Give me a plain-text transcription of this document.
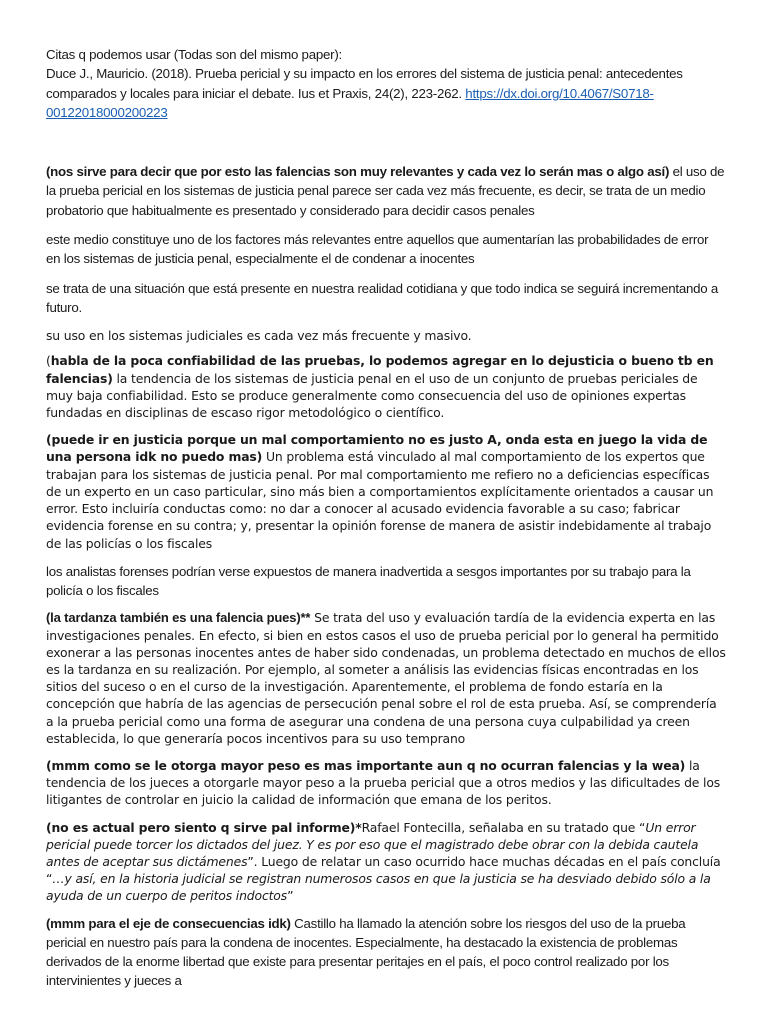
Citas q podemos usar (Todas son del mismo paper):
Duce J., Mauricio. (2018). Prueba pericial y su impacto en los errores del sistema de justicia penal: antecedentes comparados y locales para iniciar el debate. Ius et Praxis, 24(2), 223-262. https://dx.doi.org/10.4067/S0718-00122018000200223

(nos sirve para decir que por esto las falencias son muy relevantes y cada vez lo serán mas o algo así) el uso de la prueba pericial en los sistemas de justicia penal parece ser cada vez más frecuente, es decir, se trata de un medio probatorio que habitualmente es presentado y considerado para decidir casos penales

este medio constituye uno de los factores más relevantes entre aquellos que aumentarían las probabilidades de error en los sistemas de justicia penal, especialmente el de condenar a inocentes

se trata de una situación que está presente en nuestra realidad cotidiana y que todo indica se seguirá incrementando a futuro.

su uso en los sistemas judiciales es cada vez más frecuente y masivo.

(habla de la poca confiabilidad de las pruebas, lo podemos agregar en lo dejusticia o bueno tb en falencias) la tendencia de los sistemas de justicia penal en el uso de un conjunto de pruebas periciales de muy baja confiabilidad. Esto se produce generalmente como consecuencia del uso de opiniones expertas fundadas en disciplinas de escaso rigor metodológico o científico.

(puede ir en justicia porque un mal comportamiento no es justo A, onda esta en juego la vida de una persona idk no puedo mas) Un problema está vinculado al mal comportamiento de los expertos que trabajan para los sistemas de justicia penal. Por mal comportamiento me refiero no a deficiencias específicas de un experto en un caso particular, sino más bien a comportamientos explícitamente orientados a causar un error. Esto incluiría conductas como: no dar a conocer al acusado evidencia favorable a su caso; fabricar evidencia forense en su contra; y, presentar la opinión forense de manera de asistir indebidamente al trabajo de las policías o los fiscales

los analistas forenses podrían verse expuestos de manera inadvertida a sesgos importantes por su trabajo para la policía o los fiscales

(la tardanza también es una falencia pues)** Se trata del uso y evaluación tardía de la evidencia experta en las investigaciones penales. En efecto, si bien en estos casos el uso de prueba pericial por lo general ha permitido exonerar a las personas inocentes antes de haber sido condenadas, un problema detectado en muchos de ellos es la tardanza en su realización. Por ejemplo, al someter a análisis las evidencias físicas encontradas en los sitios del suceso o en el curso de la investigación. Aparentemente, el problema de fondo estaría en la concepción que habría de las agencias de persecución penal sobre el rol de esta prueba. Así, se comprendería a la prueba pericial como una forma de asegurar una condena de una persona cuya culpabilidad ya creen establecida, lo que generaría pocos incentivos para su uso temprano

(mmm como se le otorga mayor peso es mas importante aun q no ocurran falencias y la wea) la tendencia de los jueces a otorgarle mayor peso a la prueba pericial que a otros medios y las dificultades de los litigantes de controlar en juicio la calidad de información que emana de los peritos.

(no es actual pero siento q sirve pal informe)*Rafael Fontecilla, señalaba en su tratado que “Un error pericial puede torcer los dictados del juez. Y es por eso que el magistrado debe obrar con la debida cautela antes de aceptar sus dictámenes”. Luego de relatar un caso ocurrido hace muchas décadas en el país concluía “…y así, en la historia judicial se registran numerosos casos en que la justicia se ha desviado debido sólo a la ayuda de un cuerpo de peritos indoctos”

(mmm para el eje de consecuencias idk) Castillo ha llamado la atención sobre los riesgos del uso de la prueba pericial en nuestro país para la condena de inocentes. Especialmente, ha destacado la existencia de problemas derivados de la enorme libertad que existe para presentar peritajes en el país, el poco control realizado por los intervinientes y jueces a
